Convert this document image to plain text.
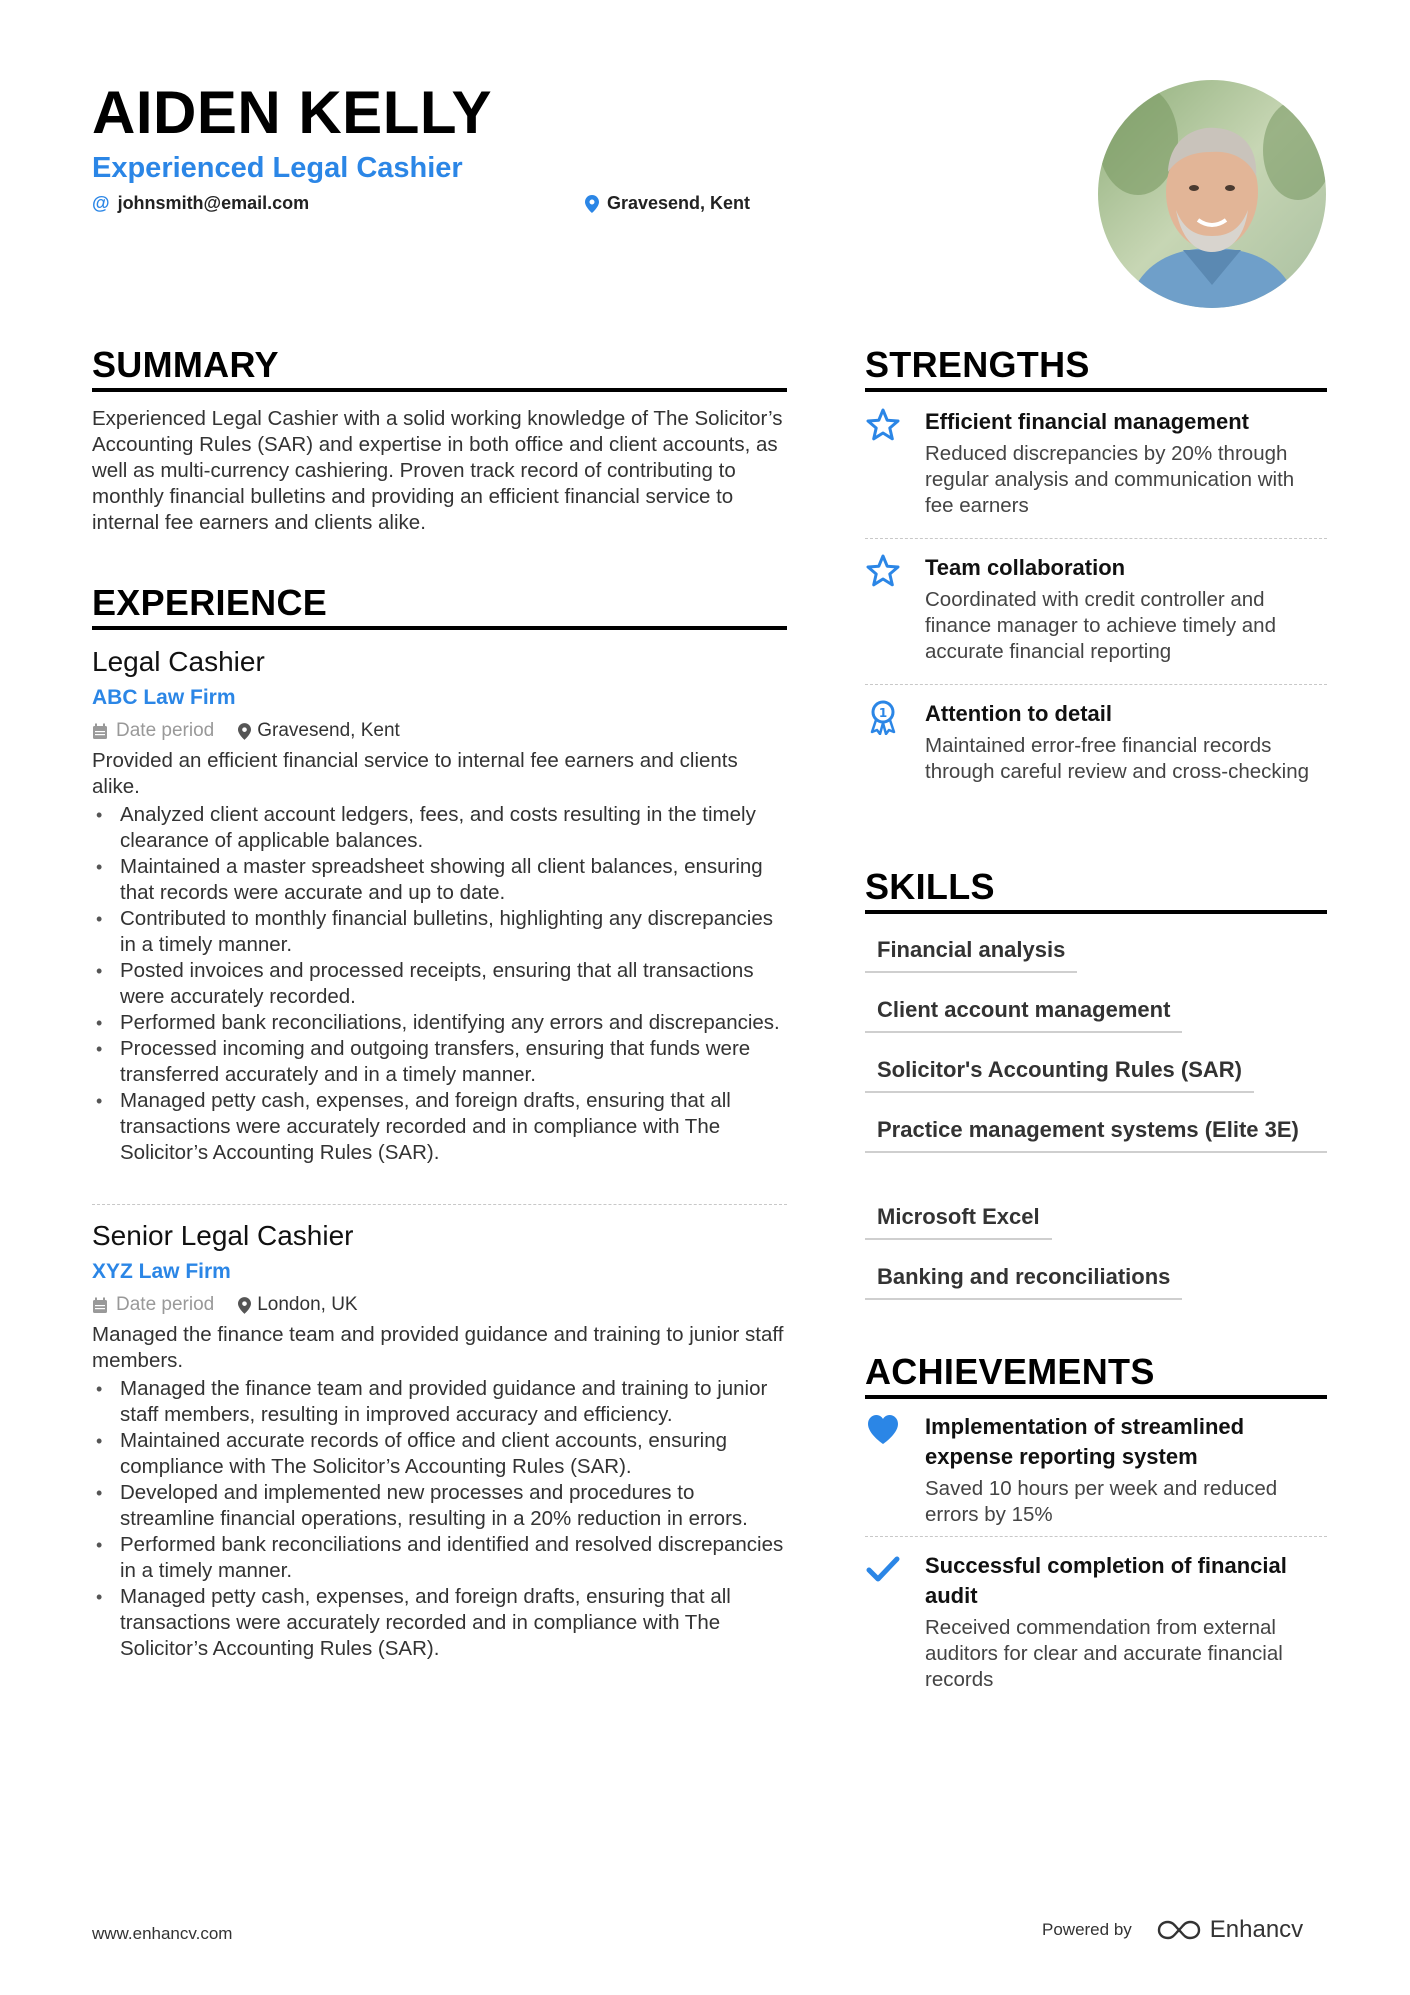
AIDEN KELLY
Experienced Legal Cashier
@ johnsmith@email.com	Gravesend, Kent
SUMMARY
Experienced Legal Cashier with a solid working knowledge of The Solicitor’s Accounting Rules (SAR) and expertise in both office and client accounts, as well as multi-currency cashiering. Proven track record of contributing to monthly financial bulletins and providing an efficient financial service to internal fee earners and clients alike.
EXPERIENCE
Legal Cashier
ABC Law Firm
Date period Gravesend, Kent
Provided an efficient financial service to internal fee earners and clients alike.
• Analyzed client account ledgers, fees, and costs resulting in the timely clearance of applicable balances.
• Maintained a master spreadsheet showing all client balances, ensuring that records were accurate and up to date.
• Contributed to monthly financial bulletins, highlighting any discrepancies in a timely manner.
• Posted invoices and processed receipts, ensuring that all transactions were accurately recorded.
• Performed bank reconciliations, identifying any errors and discrepancies.
• Processed incoming and outgoing transfers, ensuring that funds were transferred accurately and in a timely manner.
• Managed petty cash, expenses, and foreign drafts, ensuring that all transactions were accurately recorded and in compliance with The Solicitor’s Accounting Rules (SAR).
Senior Legal Cashier
XYZ Law Firm
Date period London, UK
Managed the finance team and provided guidance and training to junior staff members.
• Managed the finance team and provided guidance and training to junior staff members, resulting in improved accuracy and efficiency.
• Maintained accurate records of office and client accounts, ensuring compliance with The Solicitor’s Accounting Rules (SAR).
• Developed and implemented new processes and procedures to streamline financial operations, resulting in a 20% reduction in errors.
• Performed bank reconciliations and identified and resolved discrepancies in a timely manner.
• Managed petty cash, expenses, and foreign drafts, ensuring that all transactions were accurately recorded and in compliance with The Solicitor’s Accounting Rules (SAR).
STRENGTHS
Efficient financial management
Reduced discrepancies by 20% through regular analysis and communication with fee earners
Team collaboration
Coordinated with credit controller and finance manager to achieve timely and accurate financial reporting
1 Attention to detail
Maintained error-free financial records through careful review and cross-checking
SKILLS
Financial analysis
Client account management
Solicitor's Accounting Rules (SAR)
Practice management systems (Elite 3E)
Microsoft Excel
Banking and reconciliations
ACHIEVEMENTS
Implementation of streamlined expense reporting system
Saved 10 hours per week and reduced errors by 15%
Successful completion of financial audit
Received commendation from external auditors for clear and accurate financial records
www.enhancv.com	Powered by	Enhancv
